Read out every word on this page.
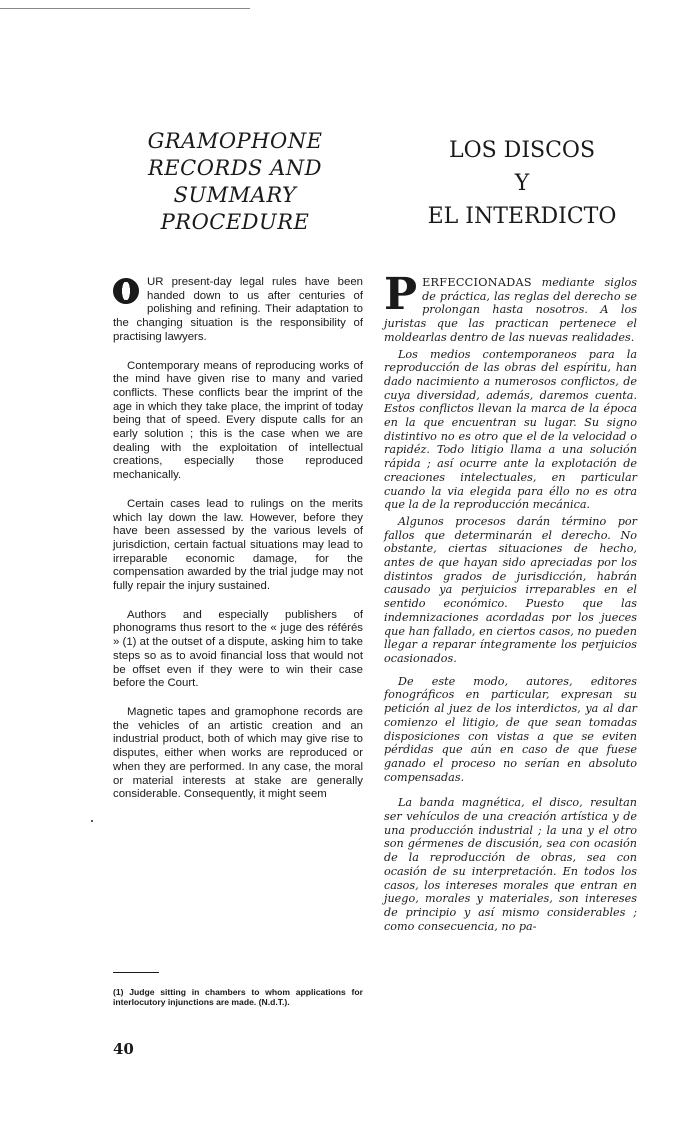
GRAMOPHONE
RECORDS AND
SUMMARY
PROCEDURE
LOS DISCOS
Y
EL INTERDICTO

UR present-day legal rules have been handed down to us after centuries of polishing and refining. Their adaptation to the changing situation is the responsibility of practising lawyers.

Contemporary means of reproducing works of the mind have given rise to many and varied conflicts. These conflicts bear the imprint of the age in which they take place, the imprint of today being that of speed. Every dispute calls for an early solution ; this is the case when we are dealing with the exploitation of intellectual creations, especially those reproduced mechanically.

Certain cases lead to rulings on the merits which lay down the law. However, before they have been assessed by the various levels of jurisdiction, certain factual situations may lead to irreparable economic damage, for the compensation awarded by the trial judge may not fully repair the injury sustained.

Authors and especially publishers of phonograms thus resort to the « juge des référés » (1) at the outset of a dispute, asking him to take steps so as to avoid financial loss that would not be offset even if they were to win their case before the Court.

Magnetic tapes and gramophone records are the vehicles of an artistic creation and an industrial product, both of which may give rise to disputes, either when works are reproduced or when they are performed. In any case, the moral or material interests at stake are generally considerable. Consequently, it might seem

PERFECCIONADAS mediante siglos de práctica, las reglas del derecho se prolongan hasta nosotros. A los juristas que las practican pertenece el moldearlas dentro de las nuevas realidades.

Los medios contemporaneos para la reproducción de las obras del espíritu, han dado nacimiento a numerosos conflictos, de cuya diversidad, además, daremos cuenta. Estos conflictos llevan la marca de la época en la que encuentran su lugar. Su signo distintivo no es otro que el de la velocidad o rapidéz. Todo litigio llama a una solución rápida ; así ocurre ante la explotación de creaciones intelectuales, en particular cuando la via elegida para éllo no es otra que la de la reproducción mecánica.

Algunos procesos darán término por fallos que determinarán el derecho. No obstante, ciertas situaciones de hecho, antes de que hayan sido apreciadas por los distintos grados de jurisdicción, habrán causado ya perjuicios irreparables en el sentido económico. Puesto que las indemnizaciones acordadas por los jueces que han fallado, en ciertos casos, no pueden llegar a reparar íntegramente los perjuicios ocasionados.

De este modo, autores, editores fonográficos en particular, expresan su petición al juez de los interdictos, ya al dar comienzo el litigio, de que sean tomadas disposiciones con vistas a que se eviten pérdidas que aún en caso de que fuese ganado el proceso no serían en absoluto compensadas.

La banda magnética, el disco, resultan ser vehículos de una creación artística y de una producción industrial ; la una y el otro son gérmenes de discusión, sea con ocasión de la reproducción de obras, sea con ocasión de su interpretación. En todos los casos, los intereses morales que entran en juego, morales y materiales, son intereses de principio y así mismo considerables ; como consecuencia, no pa-

(1) Judge sitting in chambers to whom applications for interlocutory injunctions are made. (N.d.T.).
40
